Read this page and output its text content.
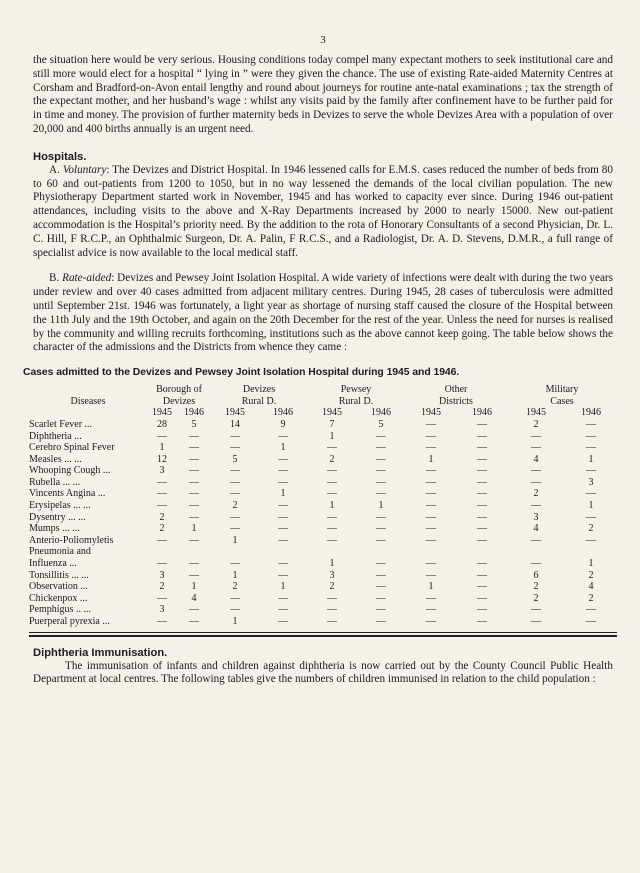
3

the situation here would be very serious. Housing conditions today compel many expectant mothers to seek institutional care and still more would elect for a hospital “ lying in ” were they given the chance. The use of existing Rate-aided Maternity Centres at Corsham and Bradford-on-Avon entail lengthy and round about journeys for routine ante-natal examinations ; tax the strength of the expectant mother, and her husband’s wage : whilst any visits paid by the family after confinement have to be further paid for in time and money. The provision of further maternity beds in Devizes to serve the whole Devizes Area with a population of over 20,000 and 400 births annually is an urgent need.

Hospitals.

A. Voluntary: The Devizes and District Hospital. In 1946 lessened calls for E.M.S. cases reduced the number of beds from 80 to 60 and out-patients from 1200 to 1050, but in no way lessened the demands of the local civilian population. The new Physiotherapy Department started work in November, 1945 and has worked to capacity ever since. During 1946 out-patient attendances, including visits to the above and X-Ray Departments increased by 2000 to nearly 15000. New out-patient accommodation is the Hospital’s priority need. By the addition to the rota of Honorary Consultants of a second Physician, Dr. L. C. Hill, F R.C.P., an Ophthalmic Surgeon, Dr. A. Palin, F R.C.S., and a Radiologist, Dr. A. D. Stevens, D.M.R., a full range of specialist advice is now available to the local medical staff.

B. Rate-aided: Devizes and Pewsey Joint Isolation Hospital. A wide variety of infections were dealt with during the two years under review and over 40 cases admitted from adjacent military centres. During 1945, 28 cases of tuberculosis were admitted until September 21st. 1946 was fortunately, a light year as shortage of nursing staff caused the closure of the Hospital between the 11th July and the 19th October, and again on the 20th December for the rest of the year. Unless the need for nurses is realised by the community and willing recruits forthcoming, institutions such as the above cannot keep going. The table below shows the character of the admissions and the Districts from whence they came :

Cases admitted to the Devizes and Pewsey Joint Isolation Hospital during 1945 and 1946.
	Borough of		Devizes		Pewsey		Other		Military	
Diseases	Devizes		Rural D.		Rural D.		Districts		Cases	
	1945	1946	1945	1946	1945	1946	1945	1946	1945	1946
Scarlet Fever ...	28	5	14	9	7	5	—	—	2	—
Diphtheria ...	—	—	—	—	1	—	—	—	—	—
Cerebro Spinal Fever	1	—	—	1	—	—	—	—	—	—
Measles ... ...	12	—	5	—	2	—	1	—	4	1
Whooping Cough ...	3	—	—	—	—	—	—	—	—	—
Rubella ... ...	—	—	—	—	—	—	—	—	—	3
Vincents Angina ...	—	—	—	1	—	—	—	—	2	—
Erysipelas ... ...	—	—	2	—	1	1	—	—	—	1
Dysentry ... ...	2	—	—	—	—	—	—	—	3	—
Mumps ... ...	2	1	—	—	—	—	—	—	4	2
Anterio-Poliomyletis	—	—	1	—	—	—	—	—	—	—
Pneumonia and										
Influenza ...	—	—	—	—	1	—	—	—	—	1
Tonsillitis ... ...	3	—	1	—	3	—	—	—	6	2
Observation ...	2	1	2	1	2	—	1	—	2	4
Chickenpox ...	—	4	—	—	—	—	—	—	2	2
Pemphigus .. ...	3	—	—	—	—	—	—	—	—	—
Puerperal pyrexia ...	—	—	1	—	—	—	—	—	—	—
Diphtheria Immunisation.

The immunisation of infants and children against diphtheria is now carried out by the County Council Public Health Department at local centres. The following tables give the numbers of children immunised in relation to the child population :
